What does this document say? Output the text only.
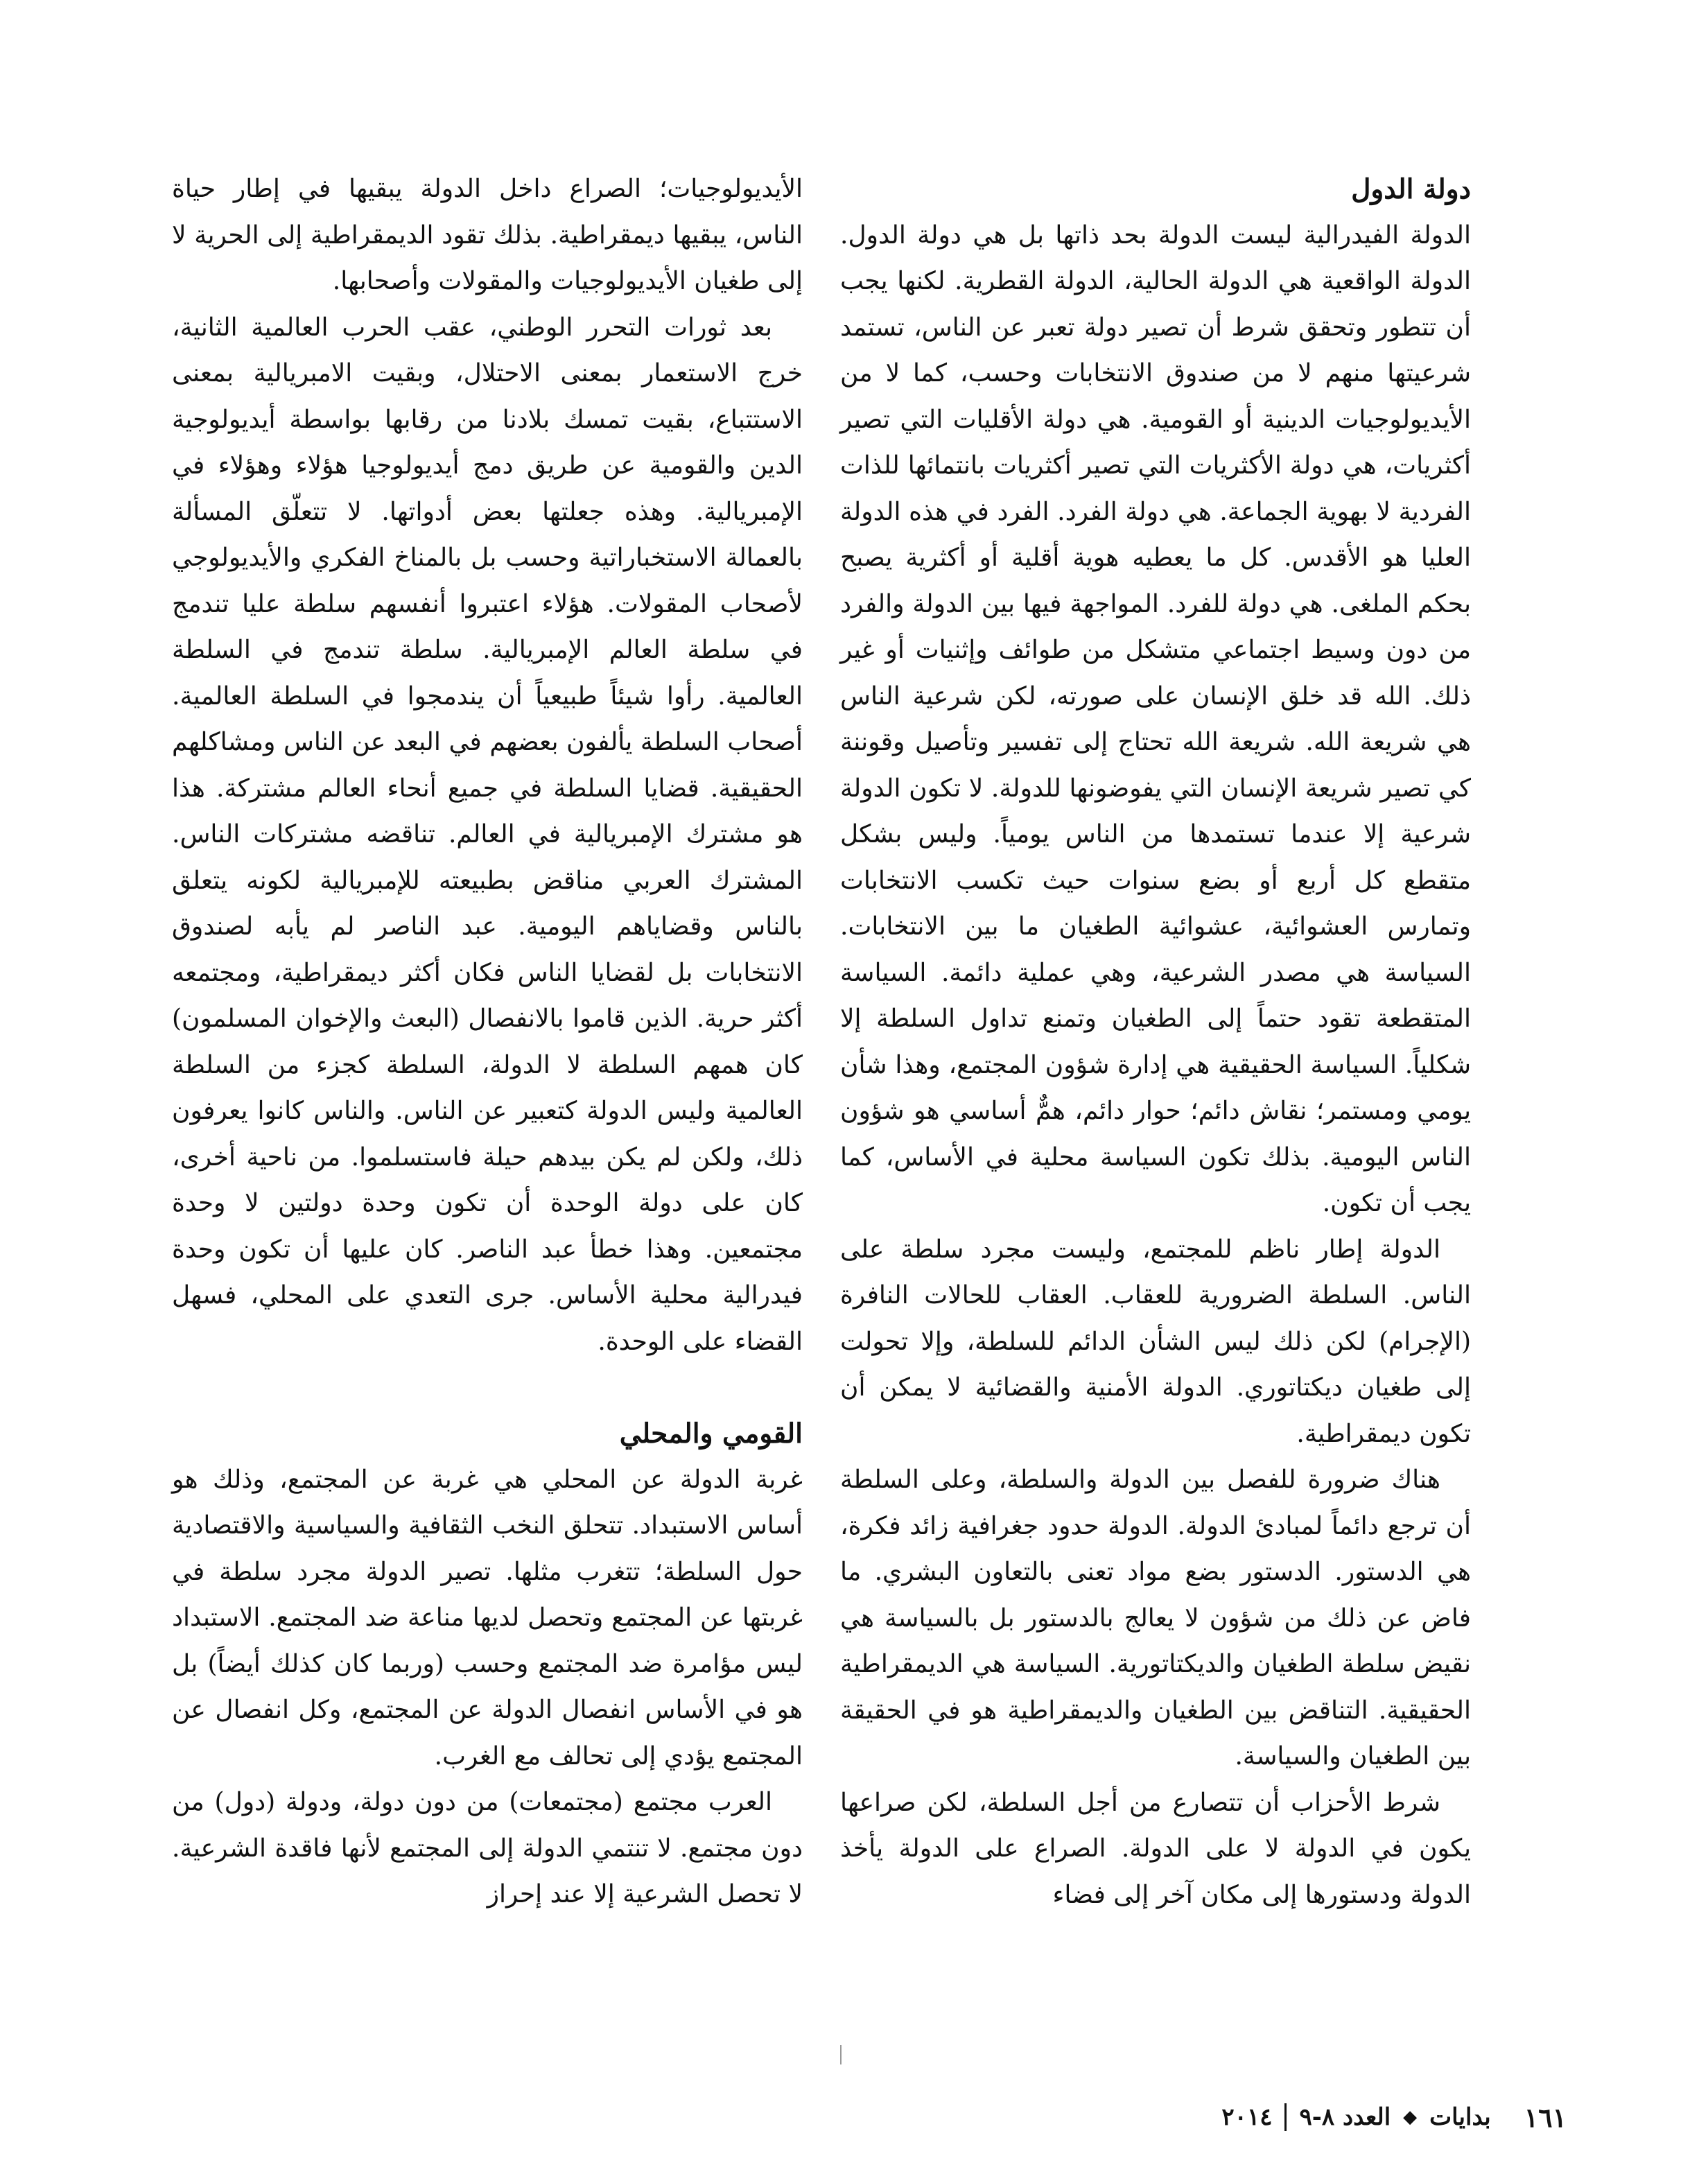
دولة الدول

الدولة الفيدرالية ليست الدولة بحد ذاتها بل هي دولة الدول. الدولة الواقعية هي الدولة الحالية، الدولة القطرية. لكنها يجب أن تتطور وتحقق شرط أن تصير دولة تعبر عن الناس، تستمد شرعيتها منهم لا من صندوق الانتخابات وحسب، كما لا من الأيديولوجيات الدينية أو القومية. هي دولة الأقليات التي تصير أكثريات، هي دولة الأكثريات التي تصير أكثريات بانتمائها للذات الفردية لا بهوية الجماعة. هي دولة الفرد. الفرد في هذه الدولة العليا هو الأقدس. كل ما يعطيه هوية أقلية أو أكثرية يصبح بحكم الملغى. هي دولة للفرد. المواجهة فيها بين الدولة والفرد من دون وسيط اجتماعي متشكل من طوائف وإثنيات أو غير ذلك. الله قد خلق الإنسان على صورته، لكن شرعية الناس هي شريعة الله. شريعة الله تحتاج إلى تفسير وتأصيل وقوننة كي تصير شريعة الإنسان التي يفوضونها للدولة. لا تكون الدولة شرعية إلا عندما تستمدها من الناس يومياً. وليس بشكل متقطع كل أربع أو بضع سنوات حيث تكسب الانتخابات وتمارس العشوائية، عشوائية الطغيان ما بين الانتخابات. السياسة هي مصدر الشرعية، وهي عملية دائمة. السياسة المتقطعة تقود حتماً إلى الطغيان وتمنع تداول السلطة إلا شكلياً. السياسة الحقيقية هي إدارة شؤون المجتمع، وهذا شأن يومي ومستمر؛ نقاش دائم؛ حوار دائم، همٌّ أساسي هو شؤون الناس اليومية. بذلك تكون السياسة محلية في الأساس، كما يجب أن تكون.

الدولة إطار ناظم للمجتمع، وليست مجرد سلطة على الناس. السلطة الضرورية للعقاب. العقاب للحالات النافرة (الإجرام) لكن ذلك ليس الشأن الدائم للسلطة، وإلا تحولت إلى طغيان ديكتاتوري. الدولة الأمنية والقضائية لا يمكن أن تكون ديمقراطية.

هناك ضرورة للفصل بين الدولة والسلطة، وعلى السلطة أن ترجع دائماً لمبادئ الدولة. الدولة حدود جغرافية زائد فكرة، هي الدستور. الدستور بضع مواد تعنى بالتعاون البشري. ما فاض عن ذلك من شؤون لا يعالج بالدستور بل بالسياسة هي نقيض سلطة الطغيان والديكتاتورية. السياسة هي الديمقراطية الحقيقية. التناقض بين الطغيان والديمقراطية هو في الحقيقة بين الطغيان والسياسة.

شرط الأحزاب أن تتصارع من أجل السلطة، لكن صراعها يكون في الدولة لا على الدولة. الصراع على الدولة يأخذ الدولة ودستورها إلى مكان آخر إلى فضاء

الأيديولوجيات؛ الصراع داخل الدولة يبقيها في إطار حياة الناس، يبقيها ديمقراطية. بذلك تقود الديمقراطية إلى الحرية لا إلى طغيان الأيديولوجيات والمقولات وأصحابها.

بعد ثورات التحرر الوطني، عقب الحرب العالمية الثانية، خرج الاستعمار بمعنى الاحتلال، وبقيت الامبريالية بمعنى الاستتباع، بقيت تمسك بلادنا من رقابها بواسطة أيديولوجية الدين والقومية عن طريق دمج أيديولوجيا هؤلاء وهؤلاء في الإمبريالية. وهذه جعلتها بعض أدواتها. لا تتعلّق المسألة بالعمالة الاستخباراتية وحسب بل بالمناخ الفكري والأيديولوجي لأصحاب المقولات. هؤلاء اعتبروا أنفسهم سلطة عليا تندمج في سلطة العالم الإمبريالية. سلطة تندمج في السلطة العالمية. رأوا شيئاً طبيعياً أن يندمجوا في السلطة العالمية. أصحاب السلطة يألفون بعضهم في البعد عن الناس ومشاكلهم الحقيقية. قضايا السلطة في جميع أنحاء العالم مشتركة. هذا هو مشترك الإمبريالية في العالم. تناقضه مشتركات الناس. المشترك العربي مناقض بطبيعته للإمبريالية لكونه يتعلق بالناس وقضاياهم اليومية. عبد الناصر لم يأبه لصندوق الانتخابات بل لقضايا الناس فكان أكثر ديمقراطية، ومجتمعه أكثر حرية. الذين قاموا بالانفصال (البعث والإخوان المسلمون) كان همهم السلطة لا الدولة، السلطة كجزء من السلطة العالمية وليس الدولة كتعبير عن الناس. والناس كانوا يعرفون ذلك، ولكن لم يكن بيدهم حيلة فاستسلموا. من ناحية أخرى، كان على دولة الوحدة أن تكون وحدة دولتين لا وحدة مجتمعين. وهذا خطأ عبد الناصر. كان عليها أن تكون وحدة فيدرالية محلية الأساس. جرى التعدي على المحلي، فسهل القضاء على الوحدة.

القومي والمحلي

غربة الدولة عن المحلي هي غربة عن المجتمع، وذلك هو أساس الاستبداد. تتحلق النخب الثقافية والسياسية والاقتصادية حول السلطة؛ تتغرب مثلها. تصير الدولة مجرد سلطة في غربتها عن المجتمع وتحصل لديها مناعة ضد المجتمع. الاستبداد ليس مؤامرة ضد المجتمع وحسب (وربما كان كذلك أيضاً) بل هو في الأساس انفصال الدولة عن المجتمع، وكل انفصال عن المجتمع يؤدي إلى تحالف مع الغرب.

العرب مجتمع (مجتمعات) من دون دولة، ودولة (دول) من دون مجتمع. لا تنتمي الدولة إلى المجتمع لأنها فاقدة الشرعية. لا تحصل الشرعية إلا عند إحراز

١٦١
بدايات
◆
العدد ٨-٩
٢٠١٤
